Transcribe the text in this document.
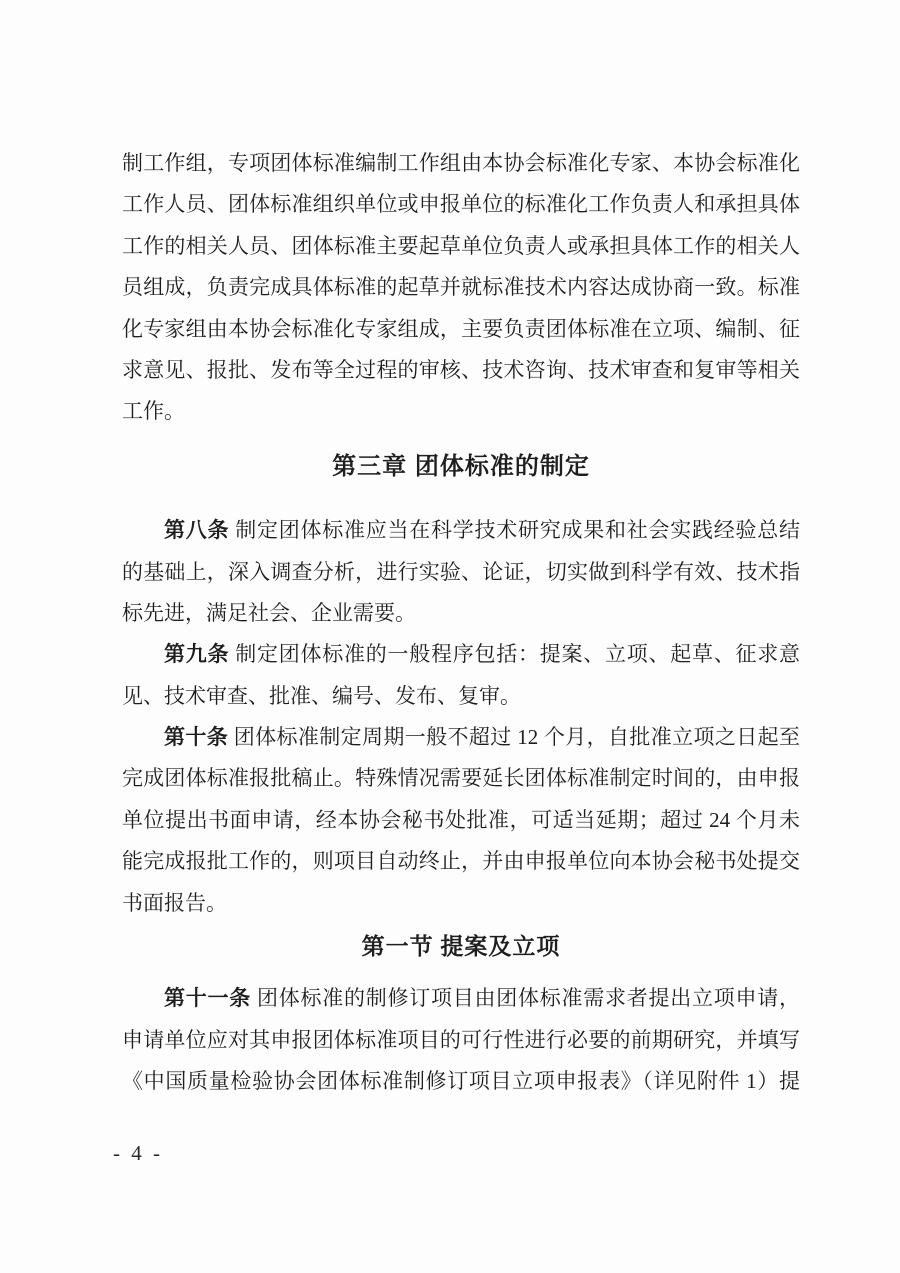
制工作组，专项团体标准编制工作组由本协会标准化专家、本协会标准化
工作人员、团体标准组织单位或申报单位的标准化工作负责人和承担具体
工作的相关人员、团体标准主要起草单位负责人或承担具体工作的相关人
员组成，负责完成具体标准的起草并就标准技术内容达成协商一致。标准
化专家组由本协会标准化专家组成，主要负责团体标准在立项、编制、征
求意见、报批、发布等全过程的审核、技术咨询、技术审查和复审等相关
工作。
第三章 团体标准的制定
第八条 制定团体标准应当在科学技术研究成果和社会实践经验总结
的基础上，深入调查分析，进行实验、论证，切实做到科学有效、技术指
标先进，满足社会、企业需要。
第九条 制定团体标准的一般程序包括：提案、立项、起草、征求意
见、技术审查、批准、编号、发布、复审。
第十条 团体标准制定周期一般不超过 12 个月，自批准立项之日起至
完成团体标准报批稿止。特殊情况需要延长团体标准制定时间的，由申报
单位提出书面申请，经本协会秘书处批准，可适当延期；超过 24 个月未
能完成报批工作的，则项目自动终止，并由申报单位向本协会秘书处提交
书面报告。
第一节 提案及立项
第十一条 团体标准的制修订项目由团体标准需求者提出立项申请，
申请单位应对其申报团体标准项目的可行性进行必要的前期研究，并填写
《中国质量检验协会团体标准制修订项目立项申报表》（详见附件 1）提
- 4 -
